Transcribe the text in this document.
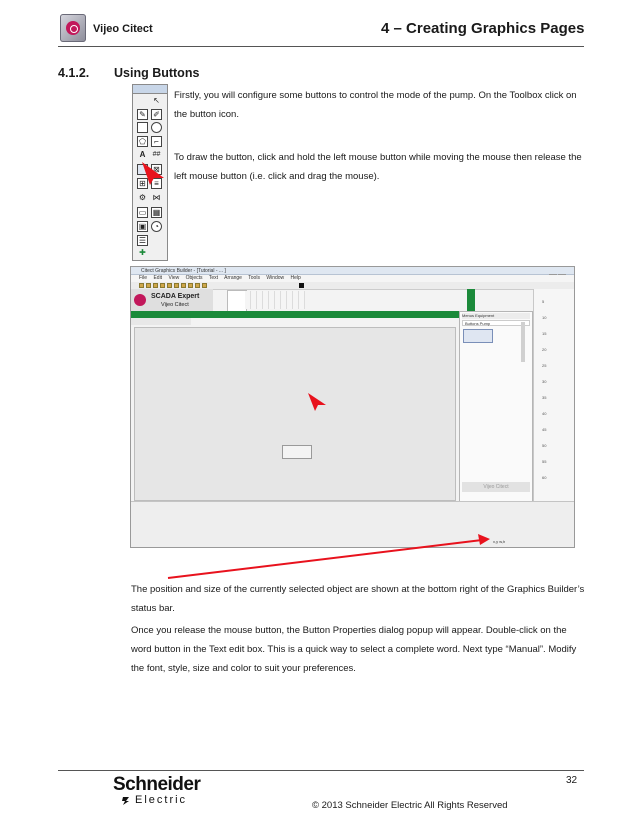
Vijeo Citect	4 – Creating Graphics Pages
4.1.2. Using Buttons
↖
✎ ✐
⬠	⌐
A	##
⊠
⊞	≡
⚙ ⋈
▭ ▦
▣ ◔
☰
✚
Firstly, you will configure some buttons to control the mode of the pump. On the Toolbox click on the button icon.
To draw the button, click and hold the left mouse button while moving the mouse then release the left mouse button (i.e. click and drag the mouse).
Citect Graphics Builder - [Tutorial - ... ]
File Edit View Objects Text Arrange Tools Window Help
SCADA Expert
Vijeo Citect
Menus Equipment
Buttons Pump
Vijeo Citect
5
10
15
20
25
30
35
40
45
50
55
60
x,y w,h
The position and size of the currently selected object are shown at the bottom right of the Graphics Builder’s status bar.
Once you release the mouse button, the Button Properties dialog popup will appear. Double-click on the word button in the Text edit box. This is a quick way to select a complete word. Next type “Manual”. Modify the font, style, size and color to suit your preferences.
32
Schneider
Electric	© 2013 Schneider Electric All Rights Reserved
